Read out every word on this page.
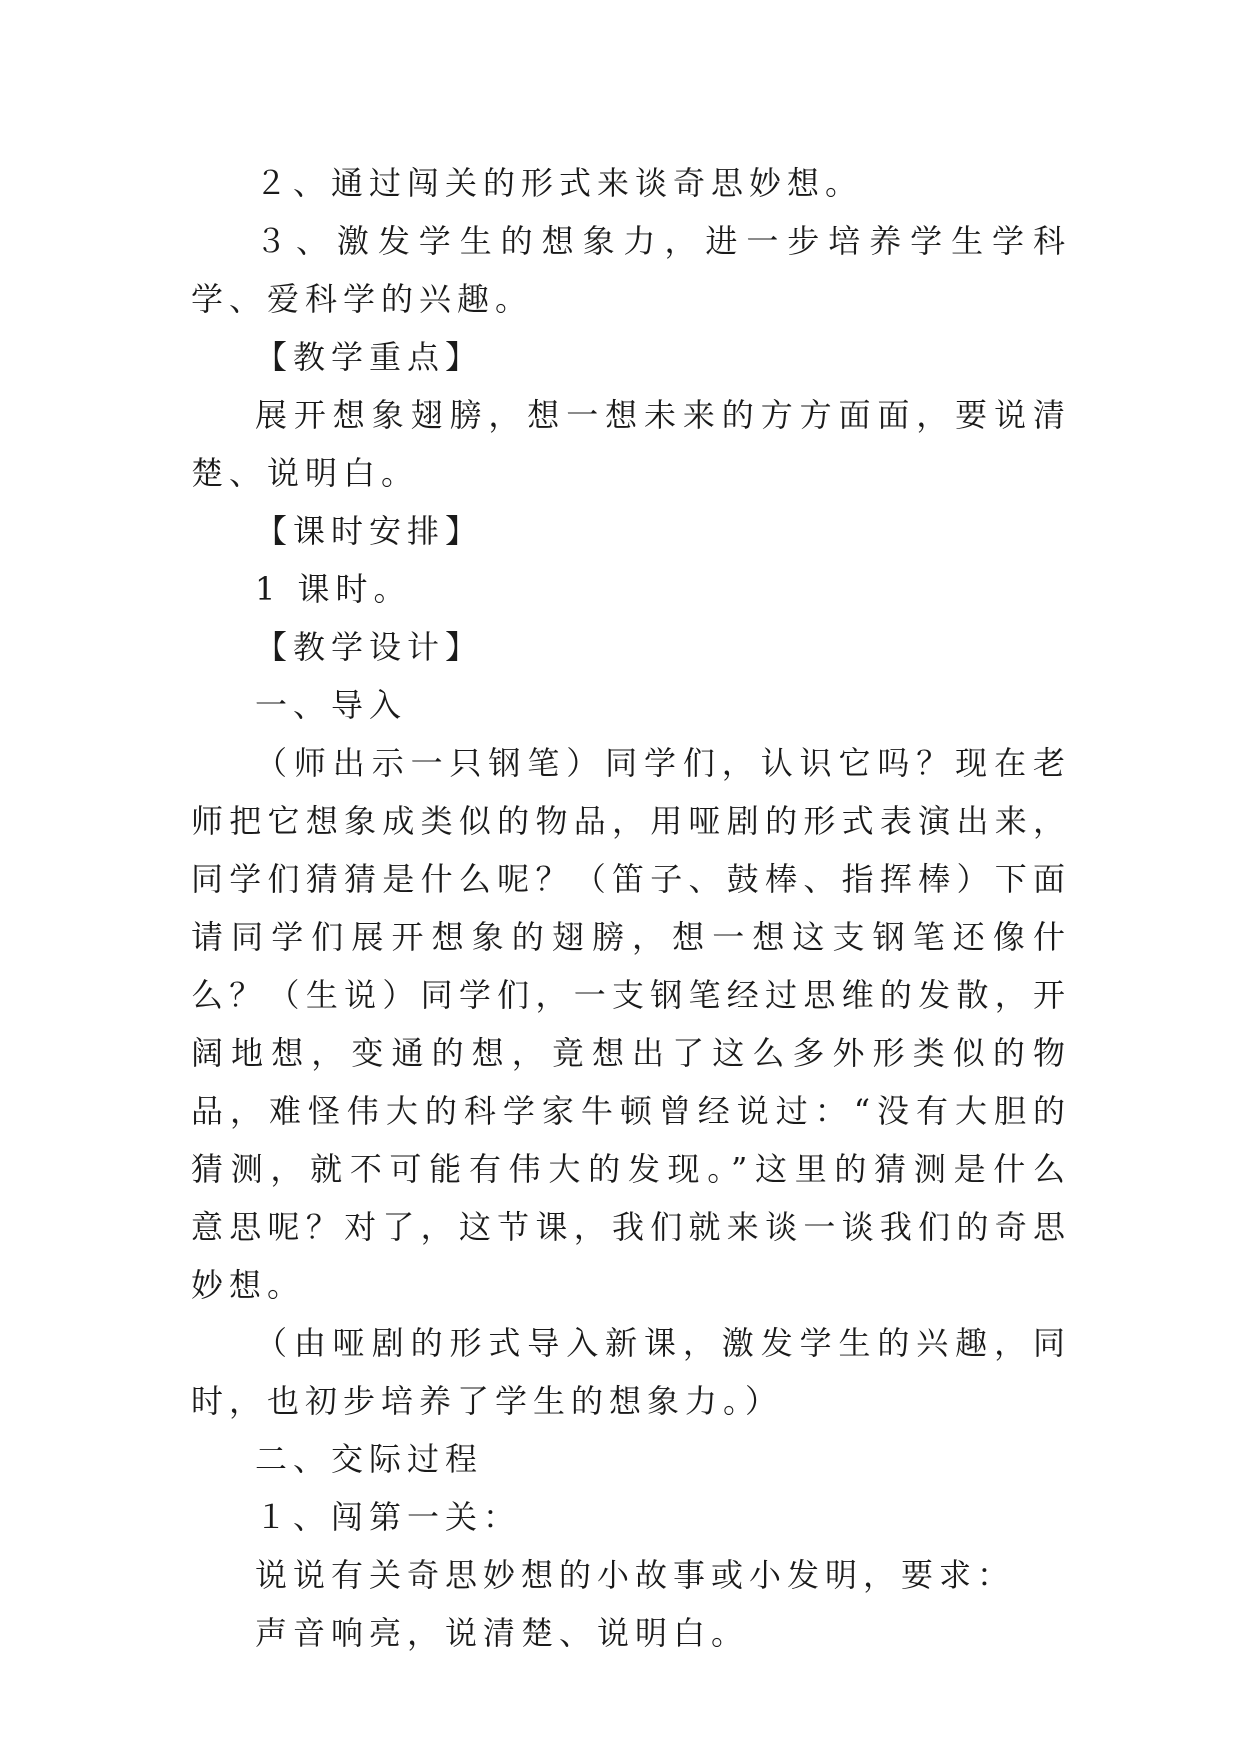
２、通过闯关的形式来谈奇思妙想。

３、激发学生的想象力，进一步培养学生学科学、爱科学的兴趣。

【教学重点】

展开想象翅膀，想一想未来的方方面面，要说清楚、说明白。

【课时安排】

1 课时。

【教学设计】

一、导入

（师出示一只钢笔）同学们，认识它吗？现在老师把它想象成类似的物品，用哑剧的形式表演出来，同学们猜猜是什么呢？（笛子、鼓棒、指挥棒）下面请同学们展开想象的翅膀，想一想这支钢笔还像什么？（生说）同学们，一支钢笔经过思维的发散，开阔地想，变通的想，竟想出了这么多外形类似的物品，难怪伟大的科学家牛顿曾经说过：“没有大胆的猜测，就不可能有伟大的发现。”这里的猜测是什么意思呢？对了，这节课，我们就来谈一谈我们的奇思妙想。

（由哑剧的形式导入新课，激发学生的兴趣，同时，也初步培养了学生的想象力。）

二、交际过程

１、闯第一关：

说说有关奇思妙想的小故事或小发明，要求：

声音响亮，说清楚、说明白。
